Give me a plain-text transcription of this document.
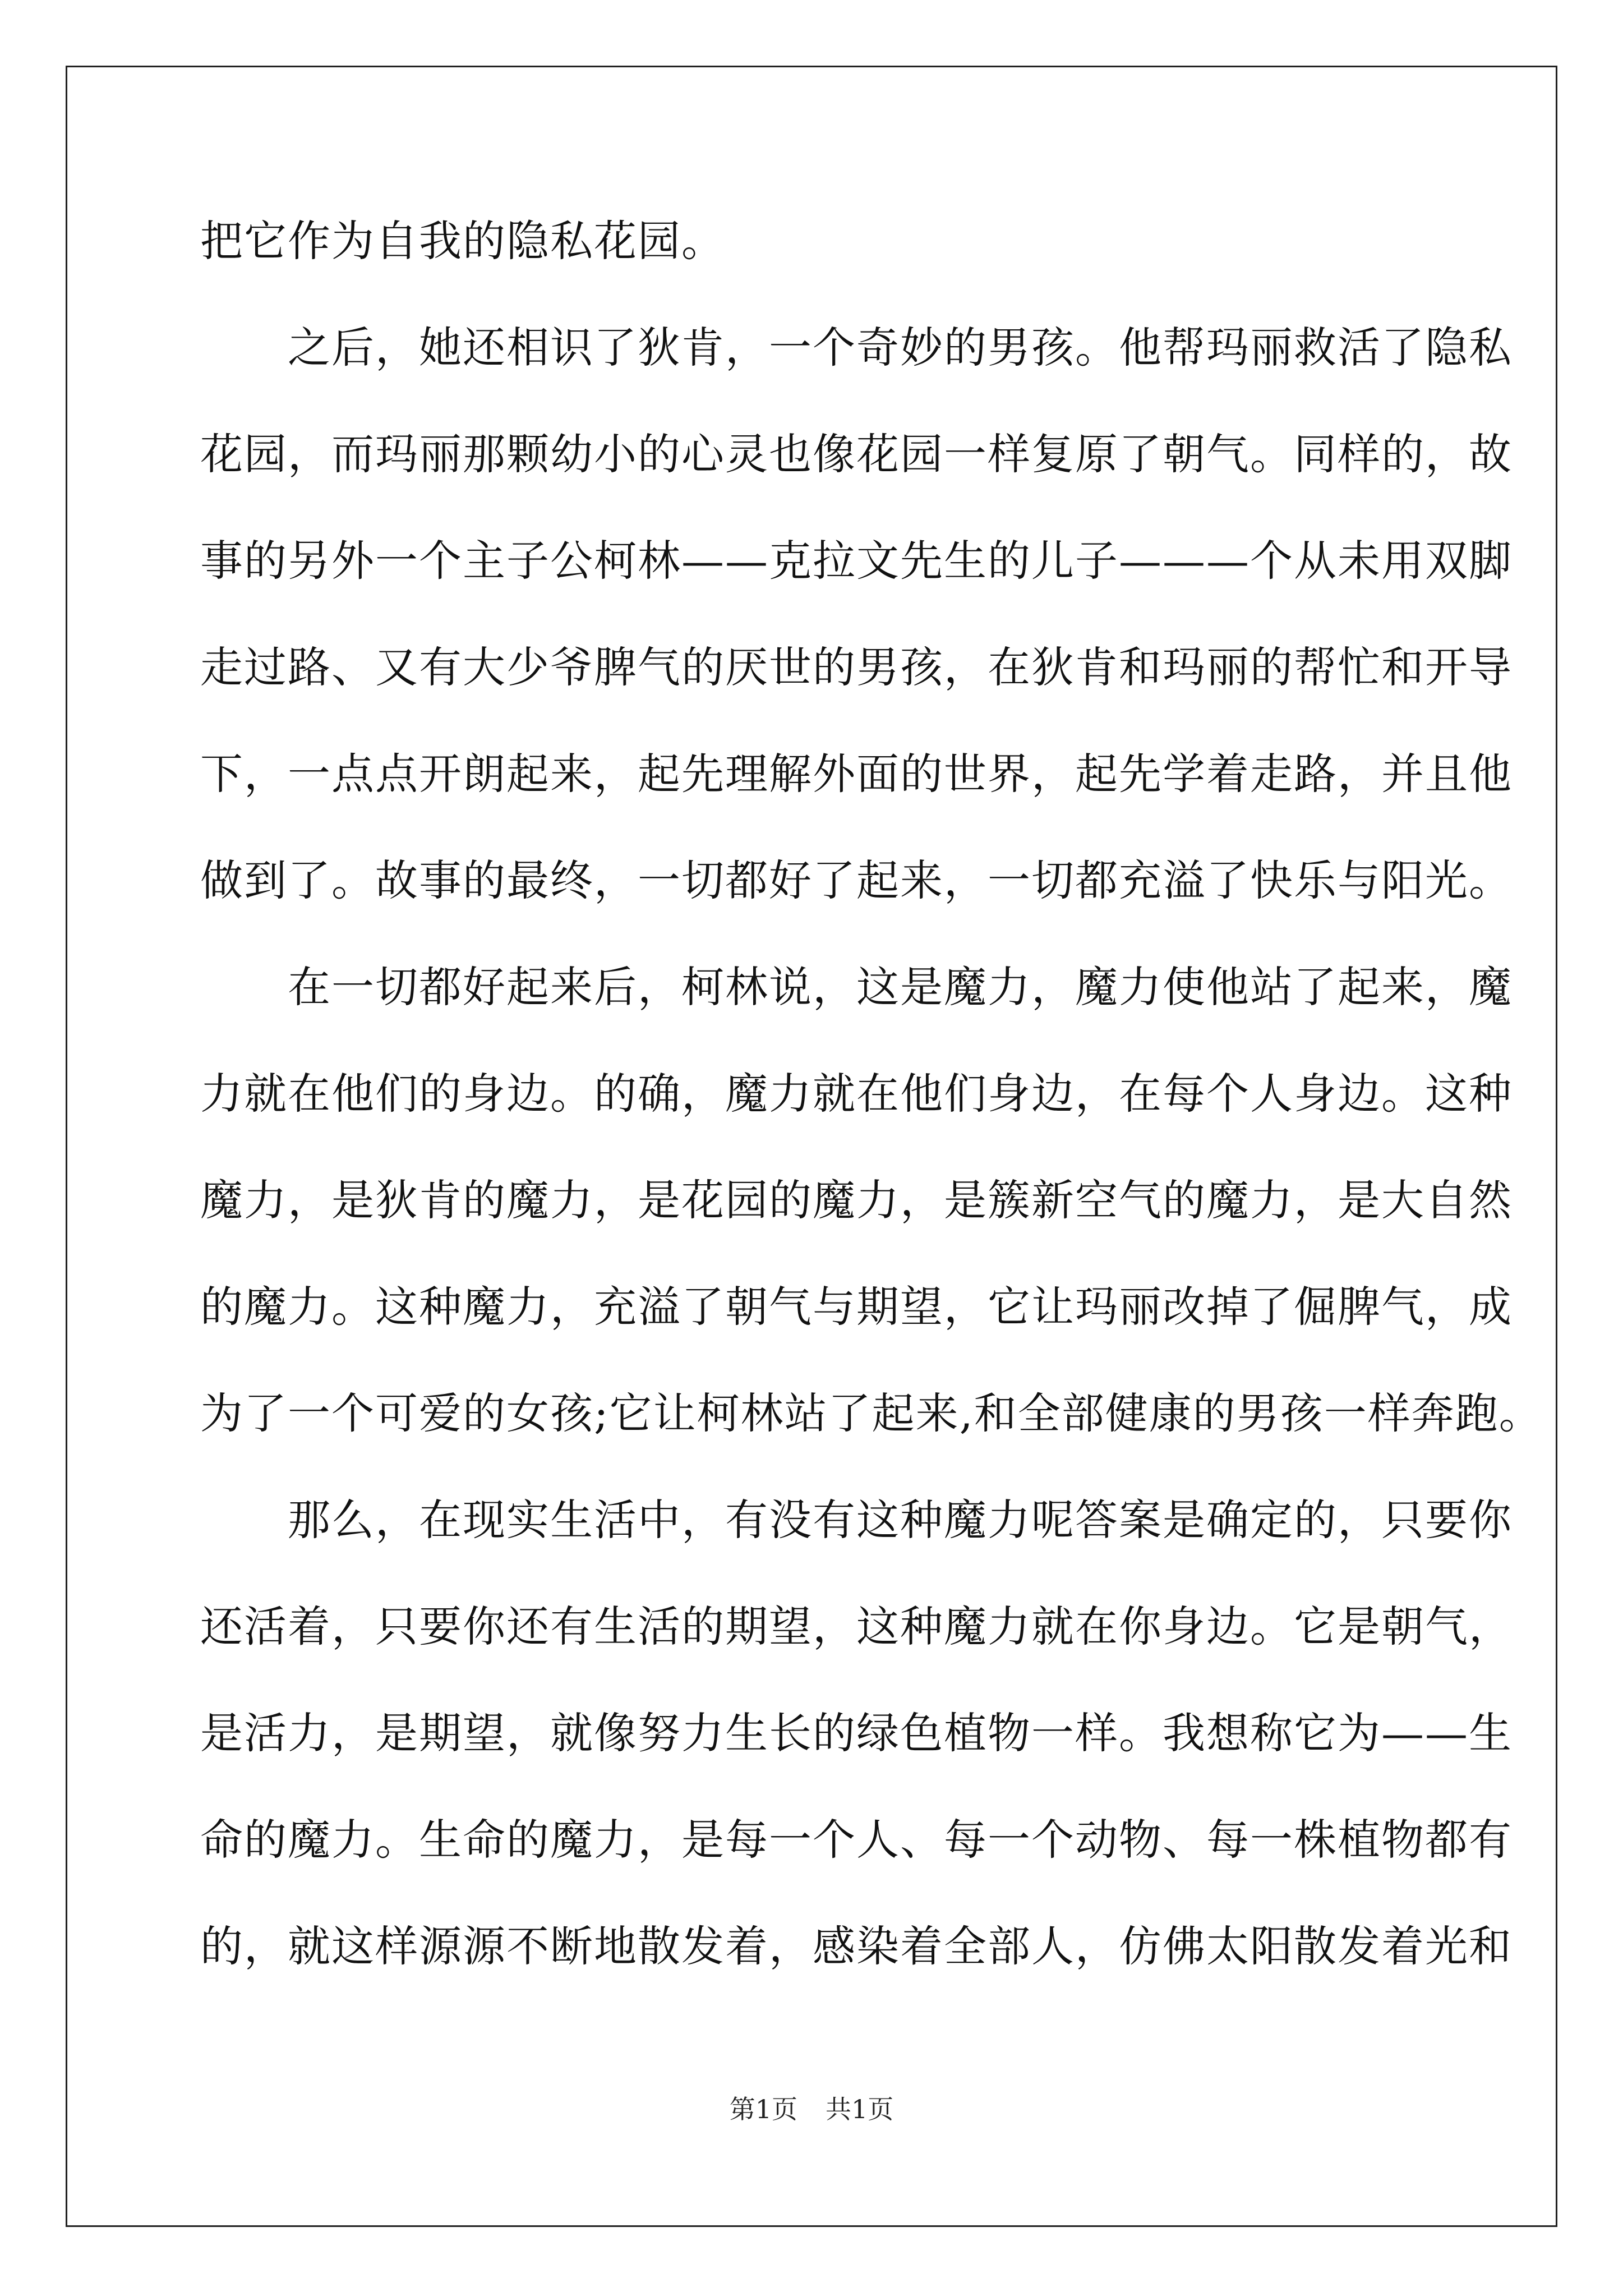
把它作为自我的隐私花园。
　　之后，她还相识了狄肯，一个奇妙的男孩。他帮玛丽救活了隐私
花园，而玛丽那颗幼小的心灵也像花园一样复原了朝气。同样的，故
事的另外一个主子公柯林——克拉文先生的儿子———个从未用双脚
走过路、又有大少爷脾气的厌世的男孩，在狄肯和玛丽的帮忙和开导
下，一点点开朗起来，起先理解外面的世界，起先学着走路，并且他
做到了。故事的最终，一切都好了起来，一切都充溢了快乐与阳光。
　　在一切都好起来后，柯林说，这是魔力，魔力使他站了起来，魔
力就在他们的身边。的确，魔力就在他们身边，在每个人身边。这种
魔力，是狄肯的魔力，是花园的魔力，是簇新空气的魔力，是大自然
的魔力。这种魔力，充溢了朝气与期望，它让玛丽改掉了倔脾气，成
为了一个可爱的女孩;它让柯林站了起来,和全部健康的男孩一样奔跑。
　　那么，在现实生活中，有没有这种魔力呢答案是确定的，只要你
还活着，只要你还有生活的期望，这种魔力就在你身边。它是朝气，
是活力，是期望，就像努力生长的绿色植物一样。我想称它为——生
命的魔力。生命的魔力，是每一个人、每一个动物、每一株植物都有
的，就这样源源不断地散发着，感染着全部人，仿佛太阳散发着光和
第1页 共1页
